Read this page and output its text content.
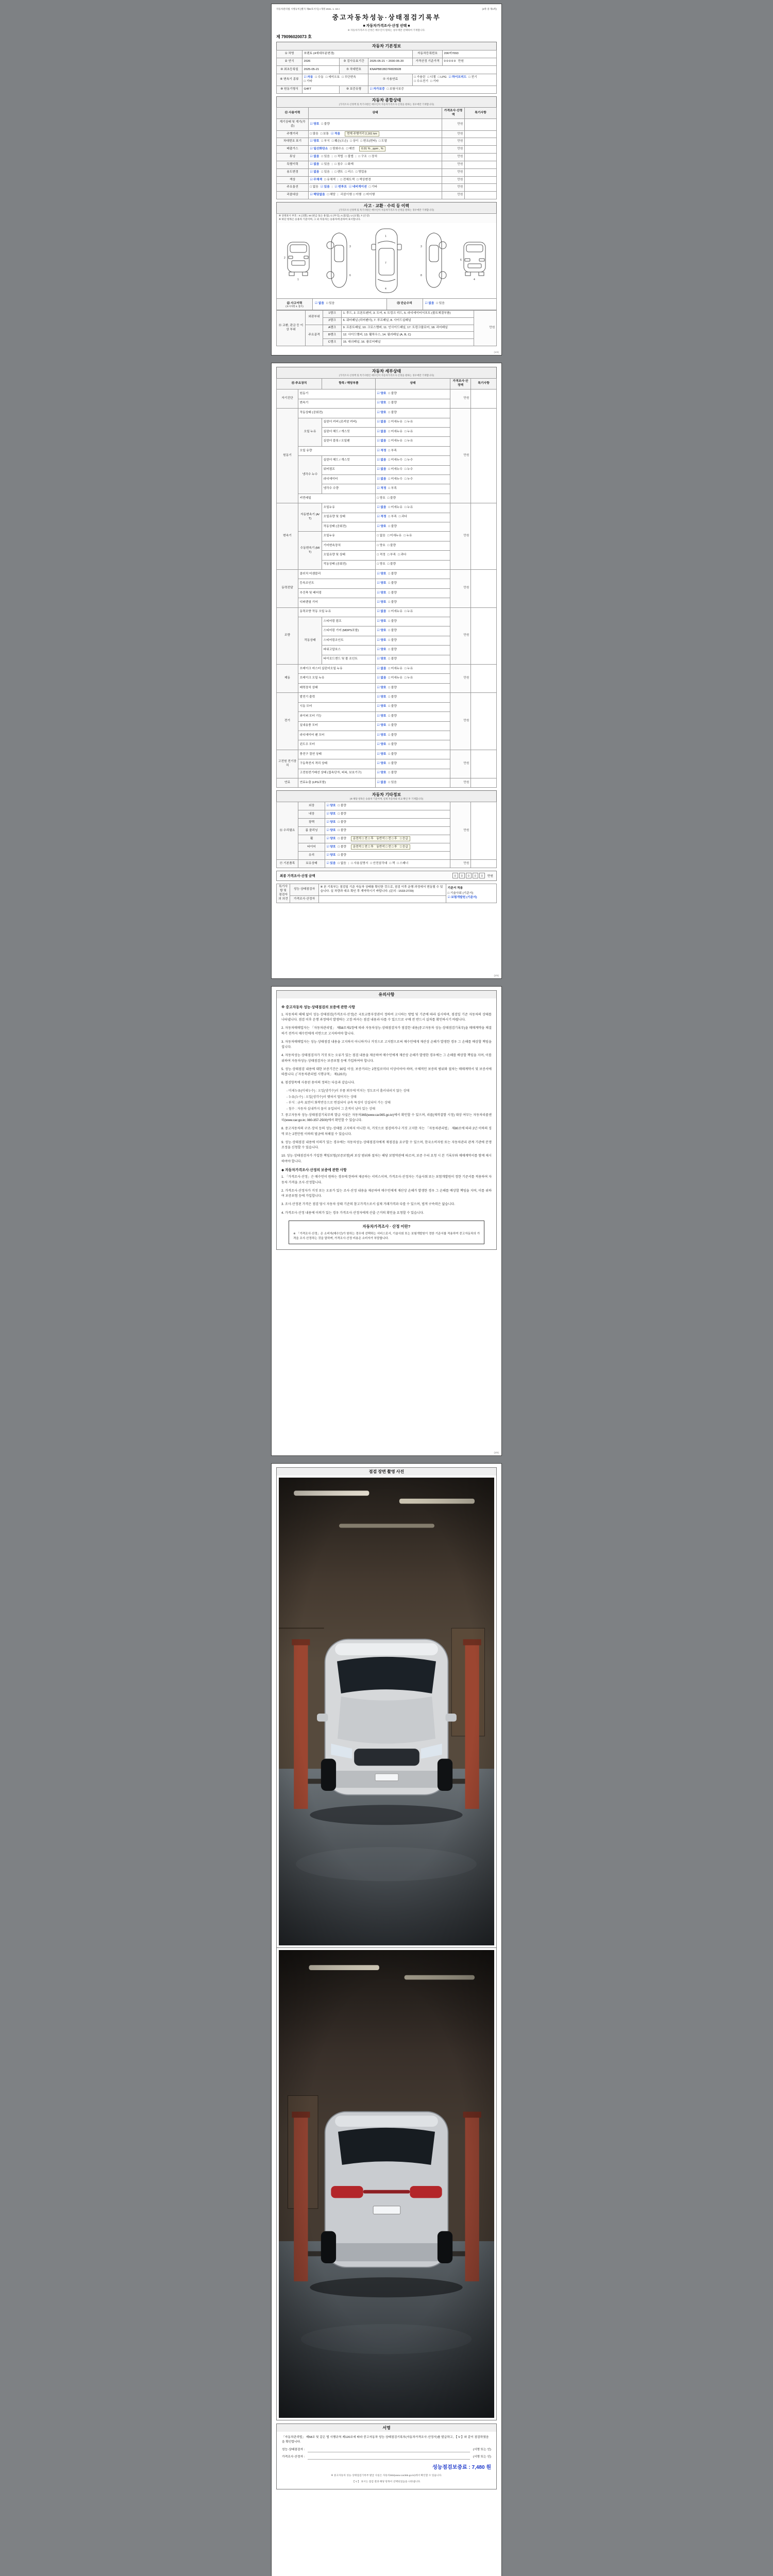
자동차관리법 시행규칙 [별지 제82호서식] <개정 2021. 1. 19.>	(4쪽 중 제1쪽)
중고자동차성능·상태점검기록부
■ 자동차가격조사·산정 선택 ■
※ 자동차가격조사·산정은 매수인이 원하는 경우에만 선택하여 기재합니다.
제 79096020073 호
자동차 기본정보
① 차명	쏘렌토 (4세대부분변경)			자동차등록번호	206머7093
② 연식	2026	③ 검사유효기간	2025-05-21 ~ 2030-05-20	가격산정 기준가격	0 0 0 0 0 만원
④ 최초등록일	2025-05-21	⑤ 차대번호	KNAPB81BD7R828928		
⑥ 변속기 종류	☑ 자동 □ 수동 □ 세미오토 □ 무단변속□ 기타		⑦ 사용연료	□ 가솔린 □ 디젤 □ LPG ☑ 하이브리드 □ 전기□ 수소전기 □ 기타	
⑧ 원동기형식	G4FT	⑨ 보증유형	☑ 자가보증 □ 보험사보증		
자동차 종합상태
(가격조사·산정액 및 특기사항은 매수인이 자동차가격조사·산정을 원하는 경우에만 기재합니다)
⑪ 사용이력	상태	가격조사·산정액	특기사항
계기상태 및 계기(각종)	☑ 양호 □ 불량	만원	
주행거리	□ 많음 □ 보통 ☑ 적음 현재 주행거리 2,161 km	만원	
차대번호 표기	☑ 양호 □ 부식 □ 훼손(오손) □ 상이 □ 변조(변타) □ 도말	만원	
배출가스	☑ 일산화탄소 □ 탄화수소 □ 매연 0.01 % , ppm , %	만원	
튜닝	☑ 없음 □ 있음 | □ 적법 □ 불법 | □ 구조 □ 장치	만원	
특별이력	☑ 없음 □ 있음 | □ 침수 □ 화재	만원	
용도변경	☑ 없음 □ 있음 | □ 렌트 □ 리스 □ 영업용	만원	
색상	☑ 무채색 □ 유채색 | □ 전체도색 □ 색상변경	만원	
주요옵션	□ 없음 ☑ 있음 | ☑ 썬루프 ☑ 네비게이션 □ 기타	만원	
리콜대상	☑ 해당없음 □ 해당 | 리콜이행 □ 이행 □ 미이행	만원	
사고 · 교환 · 수리 등 이력
(가격조사·산정액 및 특기사항은 매수인이 자동차가격조사·산정을 원하는 경우에만 기재합니다)
※ 상태표시 부호 : X (교환), W (판금 또는 용접), C (부식), A (흠집), U (요철), T (손상)
※ 하단 항목은 승용차 기준이며, 그 외 자동차는 승용차에 준하여 표시합니다.
1
2
3
6
1
7
4
3
8
4
6
⑫ 사고이력
(표시사항 4. 참조)
☑ 없음 □ 있음	⑬ 단순수리	☑ 없음 □ 있음
⑭ 교환, 판금 등 이상 부위	외판부위	1랭크	1. 후드, 2. 프론트펜더, 3. 도어, 4. 트렁크 리드, 5. 라디에이터서포트 (볼트체결부품)	만원
		2랭크	6. 쿼터패널 (리어펜더), 7. 루프패널, 8. 사이드실패널	
	주요골격	A랭크	9. 프론트패널, 10. 크로스멤버, 11. 인사이드패널, 17. 트렁크플로어, 18. 리어패널	
		B랭크	12. 사이드멤버, 13. 휠하우스, 14. 필러패널 (A, B, C)	
		C랭크	15. 대쉬패널, 16. 플로어패널	
(1/4)
자동차 세부상태
(가격조사·산정액 및 특기사항은 매수인이 자동차가격조사·산정을 원하는 경우에만 기재합니다)
⑮ 주요장치		항목 / 해당부품	상태	가격조사·산정액	특기사항
자기진단	원동기		☑ 양호 □ 불량	만원	
	변속기		☑ 양호 □ 불량		
원동기	작동상태 (공회전)		☑ 양호 □ 불량	만원	
	오일 누유	실린더 커버 (로커암 커버)	☑ 없음 □ 미세누유 □ 누유		
		실린더 헤드 / 개스킷	☑ 없음 □ 미세누유 □ 누유		
		실린더 블록 / 오일팬	☑ 없음 □ 미세누유 □ 누유		
	오일 유량		☑ 적정 □ 부족		
	냉각수 누수	실린더 헤드 / 개스킷	☑ 없음 □ 미세누수 □ 누수		
		워터펌프	☑ 없음 □ 미세누수 □ 누수		
		라디에이터	☑ 없음 □ 미세누수 □ 누수		
		냉각수 수량	☑ 적정 □ 부족		
	커먼레일		□ 양호 □ 불량		
변속기	자동변속기 (A/T)	오일누유	☑ 없음 □ 미세누유 □ 누유	만원	
		오일유량 및 상태	☑ 적정 □ 부족 □ 과다		
		작동상태 (공회전)	☑ 양호 □ 불량		
	수동변속기 (M/T)	오일누유	□ 없음 □ 미세누유 □ 누유		
		기어변속장치	□ 양호 □ 불량		
		오일유량 및 상태	□ 적정 □ 부족 □ 과다		
		작동상태 (공회전)	□ 양호 □ 불량		
동력전달	클러치 어셈블리		☑ 양호 □ 불량	만원	
	등속조인트		☑ 양호 □ 불량		
	추진축 및 베어링		☑ 양호 □ 불량		
	디퍼렌셜 기어		☑ 양호 □ 불량		
조향	동력조향 작동 오일 누유		☑ 없음 □ 미세누유 □ 누유	만원	
	작동상태	스티어링 펌프	☑ 양호 □ 불량		
		스티어링 기어 (MDPS포함)	☑ 양호 □ 불량		
		스티어링조인트	☑ 양호 □ 불량		
		파워고압호스	☑ 양호 □ 불량		
		타이로드엔드 및 볼 조인트	☑ 양호 □ 불량		
제동	브레이크 마스터 실린더오일 누유		☑ 없음 □ 미세누유 □ 누유	만원	
	브레이크 오일 누유		☑ 없음 □ 미세누유 □ 누유		
	배력장치 상태		☑ 양호 □ 불량		
전기	발전기 출력		☑ 양호 □ 불량	만원	
	시동 모터		☑ 양호 □ 불량		
	와이퍼 모터 기능		☑ 양호 □ 불량		
	실내송풍 모터		☑ 양호 □ 불량		
	라디에이터 팬 모터		☑ 양호 □ 불량		
	윈도우 모터		☑ 양호 □ 불량		
고전원 전기장치	충전구 절연 상태		☑ 양호 □ 불량	만원	
	구동축전지 격리 상태		☑ 양호 □ 불량		
	고전원전기배선 상태 (접속단자, 피복, 보호기구)		☑ 양호 □ 불량		
연료	연료누출 (LPG포함)		☑ 없음 □ 있음	만원	
자동차 기타정보
(※ 해당 항목은 승용차 기준이며, 실제 자동차와 비교·확인 후 기재합니다)
⑯ 수리필요	외장	☑ 양호 □ 불량	만원	
	내장	☑ 양호 □ 불량		
	광택	☑ 양호 □ 불량		
	룸 클리닝	☑ 양호 □ 불량		
	휠	☑ 양호 □ 불량 운전석 □ 전 □ 후　동반석 □ 전 □ 후　□ 응급		
	타이어	☑ 양호 □ 불량 운전석 □ 전 □ 후　동반석 □ 전 □ 후　□ 응급		
	유리	☑ 양호 □ 불량		
⑰ 기본품목	보유상태	☑ 있음 □ 없음 | □ 사용설명서 □ 안전삼각대 □ 잭 □ 스패너	만원	
최종 가격조사·산정 금액	0	0	0	0	0	만원
특기사항 및 점검자의 의견	성능·상태점검자	※ 본 기록부는 점검일 기준 자동차 상태를 확인한 것으로, 점검 이후 운행 과정에서 변동될 수 있습니다. 실 차량과 대조 확인 후 계약하시기 바랍니다. (문의 : 1533-2729)	기준서 적용
□ 기술사회 (기준서)
☑ 보험개발원 (기준서)

	가격조사·산정자		
(2/4)
유의사항
※ 중고자동차 성능·상태점검의 보증에 관한 사항
1. 자동차의 해체 없이 성능·상태점검(가격조사·산정)은 국토교통부장관이 정하여 고시하는 방법 및 기준에 따라 실시하며, 점검일 기준 자동차의 상태를 나타냅니다. 점검 이후 운행 과정에서 발생하는 고장·하자는 점검 내용과 다를 수 있으므로 구매 전 반드시 실차를 확인하시기 바랍니다.
2. 자동차매매업자는 「자동차관리법」 제58조제1항에 따라 자동차성능·상태점검자가 점검한 내용(중고자동차 성능·상태점검기록부)을 매매계약을 체결하기 전까지 매수인에게 서면으로 고지하여야 합니다.
3. 자동차매매업자는 성능·상태점검 내용을 고지하지 아니하거나 거짓으로 고지함으로써 매수인에게 재산상 손해가 발생한 경우 그 손해를 배상할 책임을 집니다.
4. 자동차성능·상태점검자가 거짓 또는 오류가 있는 점검 내용을 제공하여 매수인에게 재산상 손해가 발생한 경우에는 그 손해를 배상할 책임을 지며, 이를 위하여 자동차성능·상태점검자는 보증보험 등에 가입하여야 합니다.
5. 성능·상태점검 내용에 대한 보증기간은 30일 이상, 보증거리는 2천킬로미터 이상이어야 하며, 구체적인 보증의 범위와 절차는 매매계약서 및 보증서에 따릅니다. (「자동차관리법 시행규칙」 제120조)
6. 점검항목에 사용된 용어의 정의는 다음과 같습니다.
- 미세누유(미세누수) : 오일(냉각수)이 부품 외부에 비치는 정도로서 흘러내리지 않는 상태
- 누유(누수) : 오일(냉각수)이 맺혀서 떨어지는 상태
- 부식 : 금속 표면이 화학반응으로 변질되어 금속 특성이 상실되어 가는 상태
- 침수 : 자동차 실내까지 물이 유입되어 그 흔적이 남아 있는 상태
7. 중고자동차 성능·상태점검기록부의 발급 사실은 자동차365(www.car365.go.kr)에서 확인할 수 있으며, 리콜(제작결함 시정) 대상 여부는 자동차리콜센터(www.car.go.kr, 080-357-2500)에서 확인할 수 있습니다.
8. 중고자동차의 구조·장치 등의 성능·상태를 고지하지 아니한 자, 거짓으로 점검하거나 거짓 고지한 자는 「자동차관리법」 제80조에 따라 2년 이하의 징역 또는 2천만원 이하의 벌금에 처해질 수 있습니다.
9. 성능·상태점검 내용에 이의가 있는 경우에는 자동차성능·상태점검자에게 재점검을 요구할 수 있으며, 한국소비자원 또는 자동차관리 관계 기관에 분쟁 조정을 신청할 수 있습니다.
10. 성능·상태점검자가 가입한 책임보험(보증보험)의 보상 범위와 절차는 해당 보험약관에 따르며, 보증 수리 요청 시 본 기록부와 매매계약서를 함께 제시하여야 합니다.
◆ 자동차가격조사·산정의 보증에 관한 사항
1. 「가격조사·산정」은 매수인이 원하는 경우에 한하여 제공하는 서비스이며, 가격조사·산정자는 기술사회 또는 보험개발원이 정한 기준서를 적용하여 자동차 가격을 조사·산정합니다.
2. 가격조사·산정자가 거짓 또는 오류가 있는 조사·산정 내용을 제공하여 매수인에게 재산상 손해가 발생한 경우 그 손해를 배상할 책임을 지며, 이를 위하여 보증보험 등에 가입합니다.
3. 조사·산정된 가격은 점검 당시 자동차 상태 기준의 참고가격으로서 실제 거래가격과 다를 수 있으며, 법적 구속력은 없습니다.
4. 가격조사·산정 내용에 이의가 있는 경우 가격조사·산정자에게 산출 근거의 확인을 요청할 수 있습니다.
자동차가격조사 · 산정 이란?
※ 「가격조사·산정」은 소비자(매수인)가 원하는 경우에 선택하는 서비스로서, 기술사회 또는 보험개발원이 정한 기준서를 적용하여 중고자동차의 가격을 조사·산정하는 것을 말하며, 가격조사·산정 비용은 소비자가 부담합니다.
(3/4)
점검 장면 촬영 사진
서명

「자동차관리법」 제58조 및 같은 법 시행규칙 제120조에 따라 중고자동차 성능·상태점검기록부(자동차가격조사·산정서)를 발급하고, 【 V 】와 같이 점검하였음을 확인합니다.

성능·상태점검자 :	(서명 또는 인)
가격조사·산정자 :	(서명 또는 인)
성능점검보증료 : 7,480 원

※ 중고자동차 성능·상태점검기록부 발급 사실은 자동차365(www.car365.go.kr)에서 확인할 수 있습니다.

【 V 】 표시는 점검 결과 해당 항목이 선택되었음을 나타냅니다.
